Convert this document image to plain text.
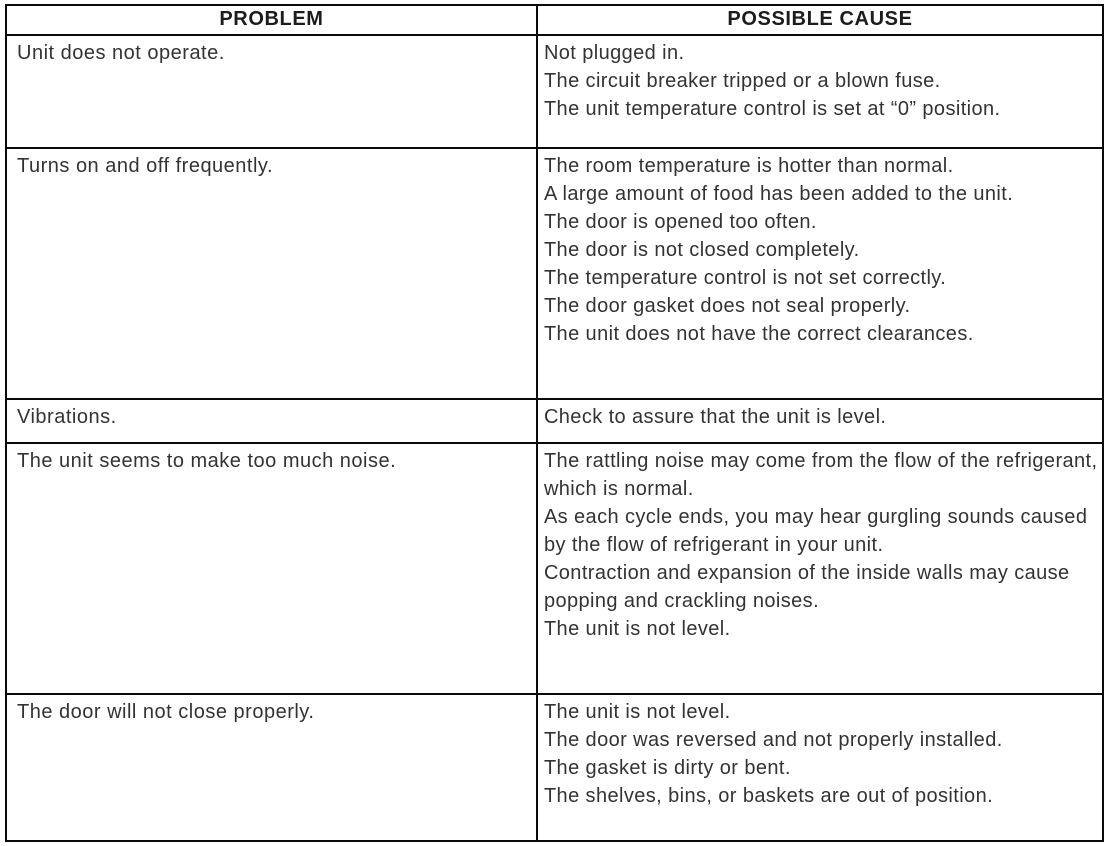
PROBLEM	POSSIBLE CAUSE
Unit does not operate.	Not plugged in.
The circuit breaker tripped or a blown fuse.
The unit temperature control is set at “0” position.

Turns on and off frequently.	The room temperature is hotter than normal.
A large amount of food has been added to the unit.
The door is opened too often.
The door is not closed completely.
The temperature control is not set correctly.
The door gasket does not seal properly.
The unit does not have the correct clearances.

Vibrations.	Check to assure that the unit is level.

The unit seems to make too much noise.	The rattling noise may come from the flow of the refrigerant, which is normal.
As each cycle ends, you may hear gurgling sounds caused by the flow of refrigerant in your unit.
Contraction and expansion of the inside walls may cause popping and crackling noises.
The unit is not level.

The door will not close properly.	The unit is not level.
The door was reversed and not properly installed.
The gasket is dirty or bent.
The shelves, bins, or baskets are out of position.
